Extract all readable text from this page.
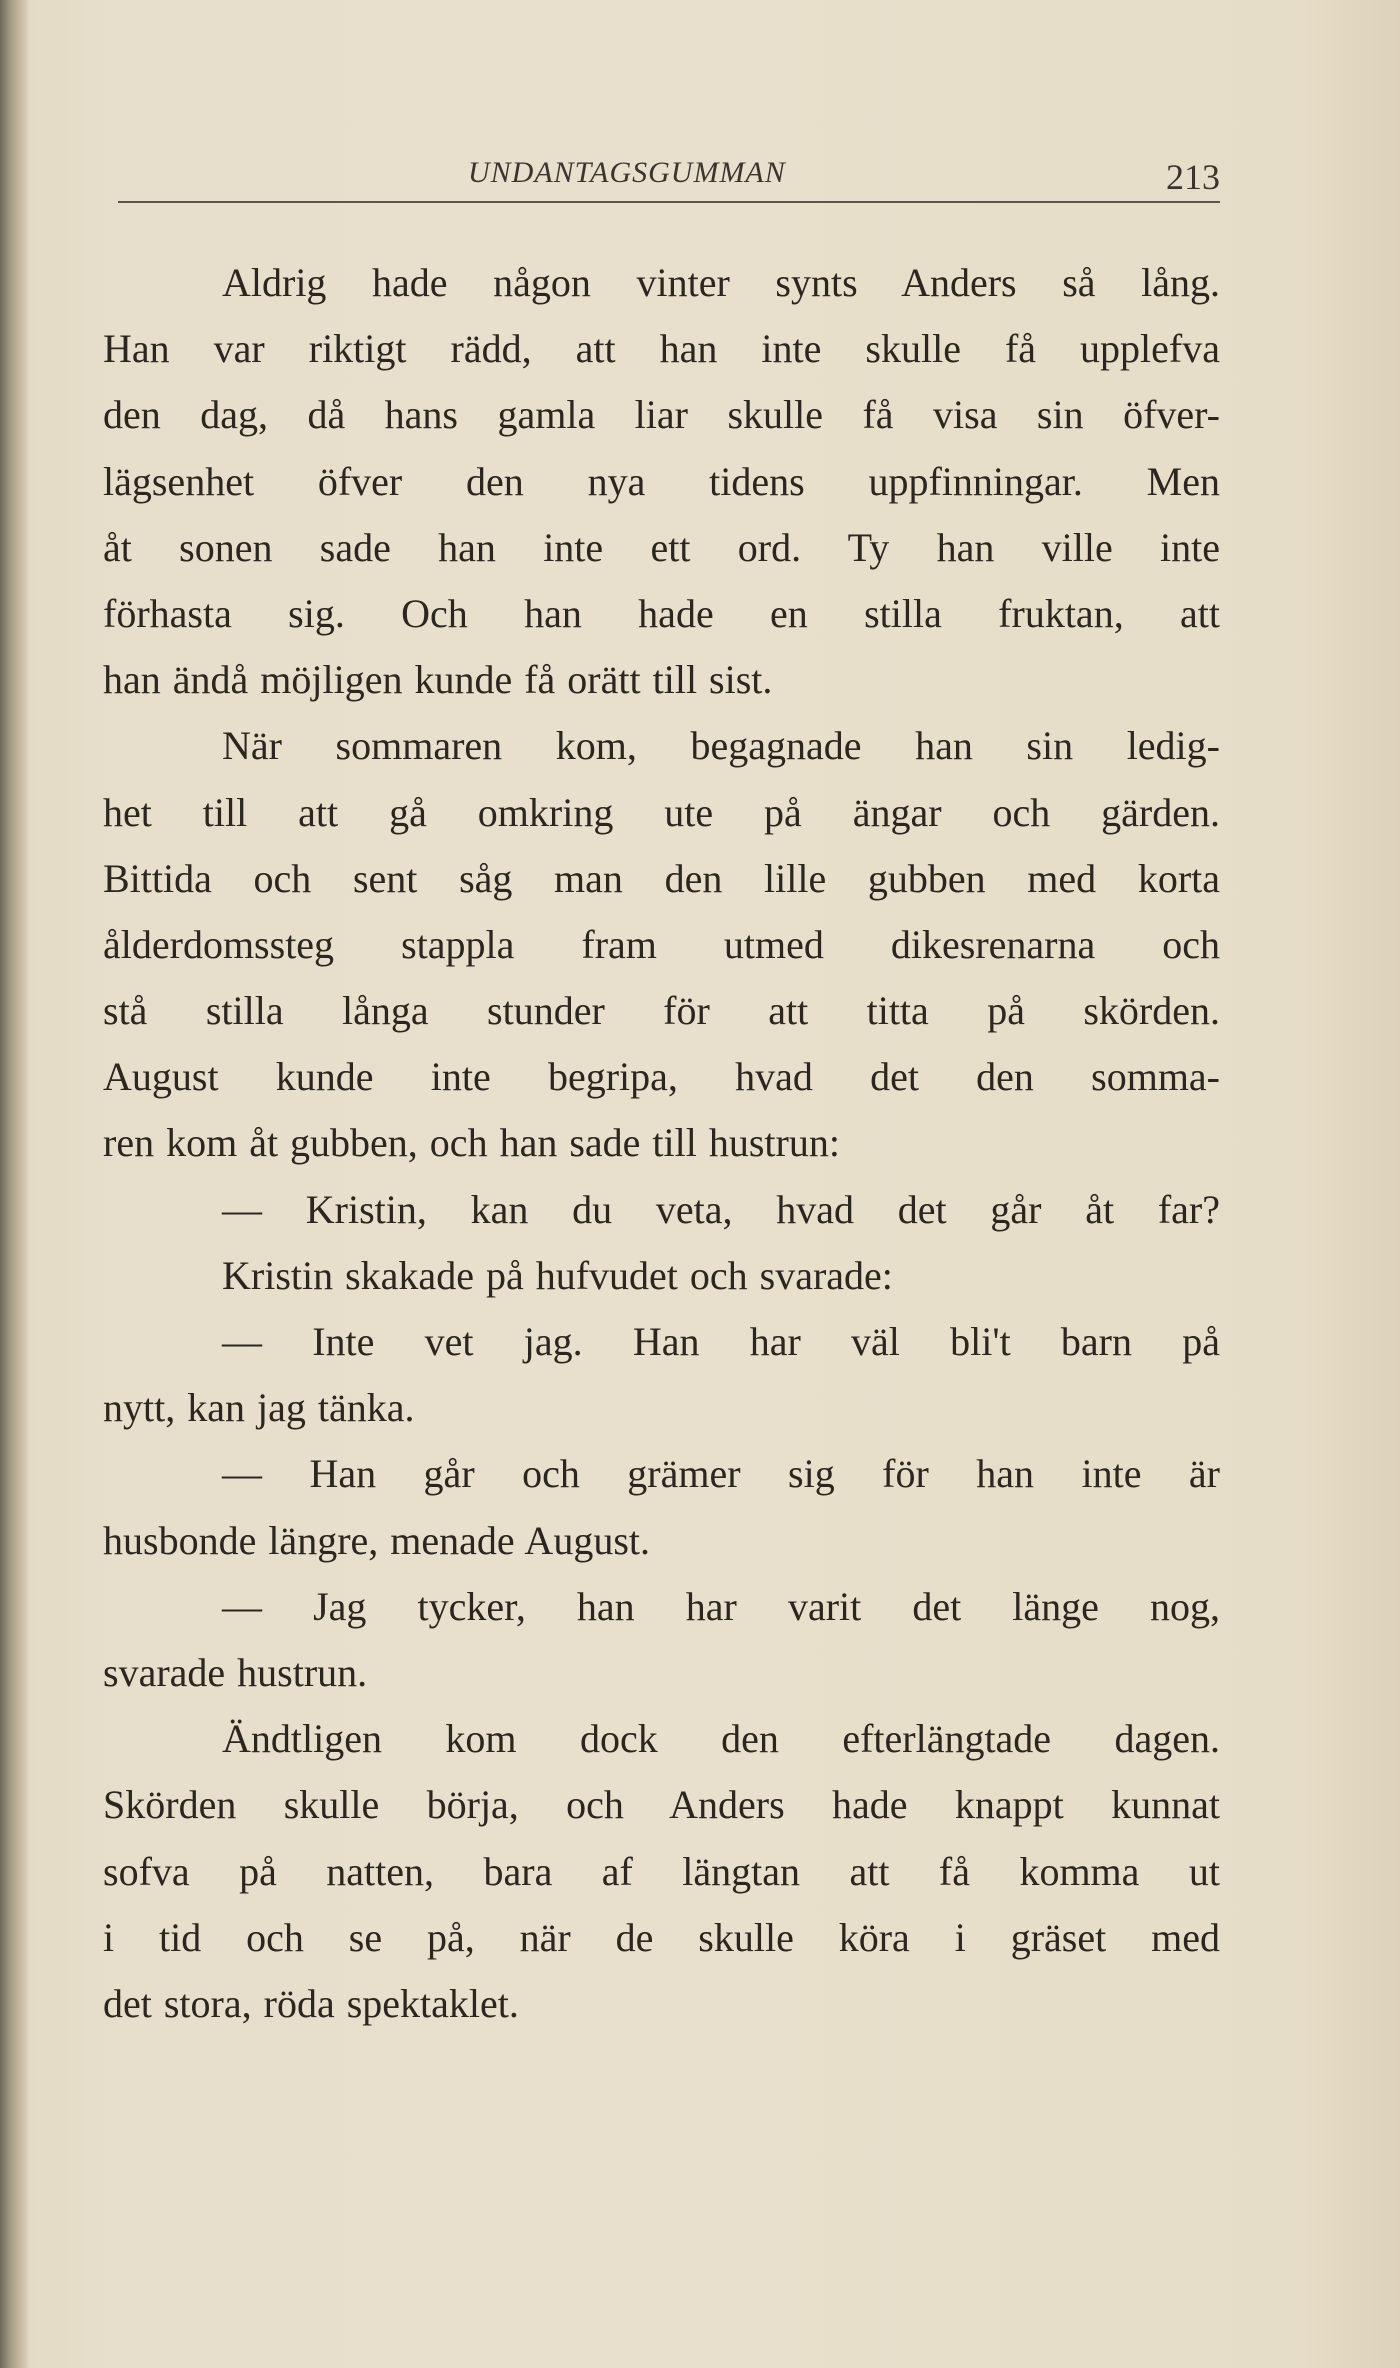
UNDANTAGSGUMMAN	213
Aldrig hade någon vinter synts Anders så lång.
Han var riktigt rädd, att han inte skulle få upplefva
den dag, då hans gamla liar skulle få visa sin öfver-
lägsenhet öfver den nya tidens uppfinningar. Men
åt sonen sade han inte ett ord. Ty han ville inte
förhasta sig. Och han hade en stilla fruktan, att
han ändå möjligen kunde få orätt till sist.
När sommaren kom, begagnade han sin ledig-
het till att gå omkring ute på ängar och gärden.
Bittida och sent såg man den lille gubben med korta
ålderdomssteg stappla fram utmed dikesrenarna och
stå stilla långa stunder för att titta på skörden.
August kunde inte begripa, hvad det den somma-
ren kom åt gubben, och han sade till hustrun:
— Kristin, kan du veta, hvad det går åt far?
Kristin skakade på hufvudet och svarade:
— Inte vet jag. Han har väl bli't barn på
nytt, kan jag tänka.
— Han går och grämer sig för han inte är
husbonde längre, menade August.
— Jag tycker, han har varit det länge nog,
svarade hustrun.
Ändtligen kom dock den efterlängtade dagen.
Skörden skulle börja, och Anders hade knappt kunnat
sofva på natten, bara af längtan att få komma ut
i tid och se på, när de skulle köra i gräset med
det stora, röda spektaklet.
